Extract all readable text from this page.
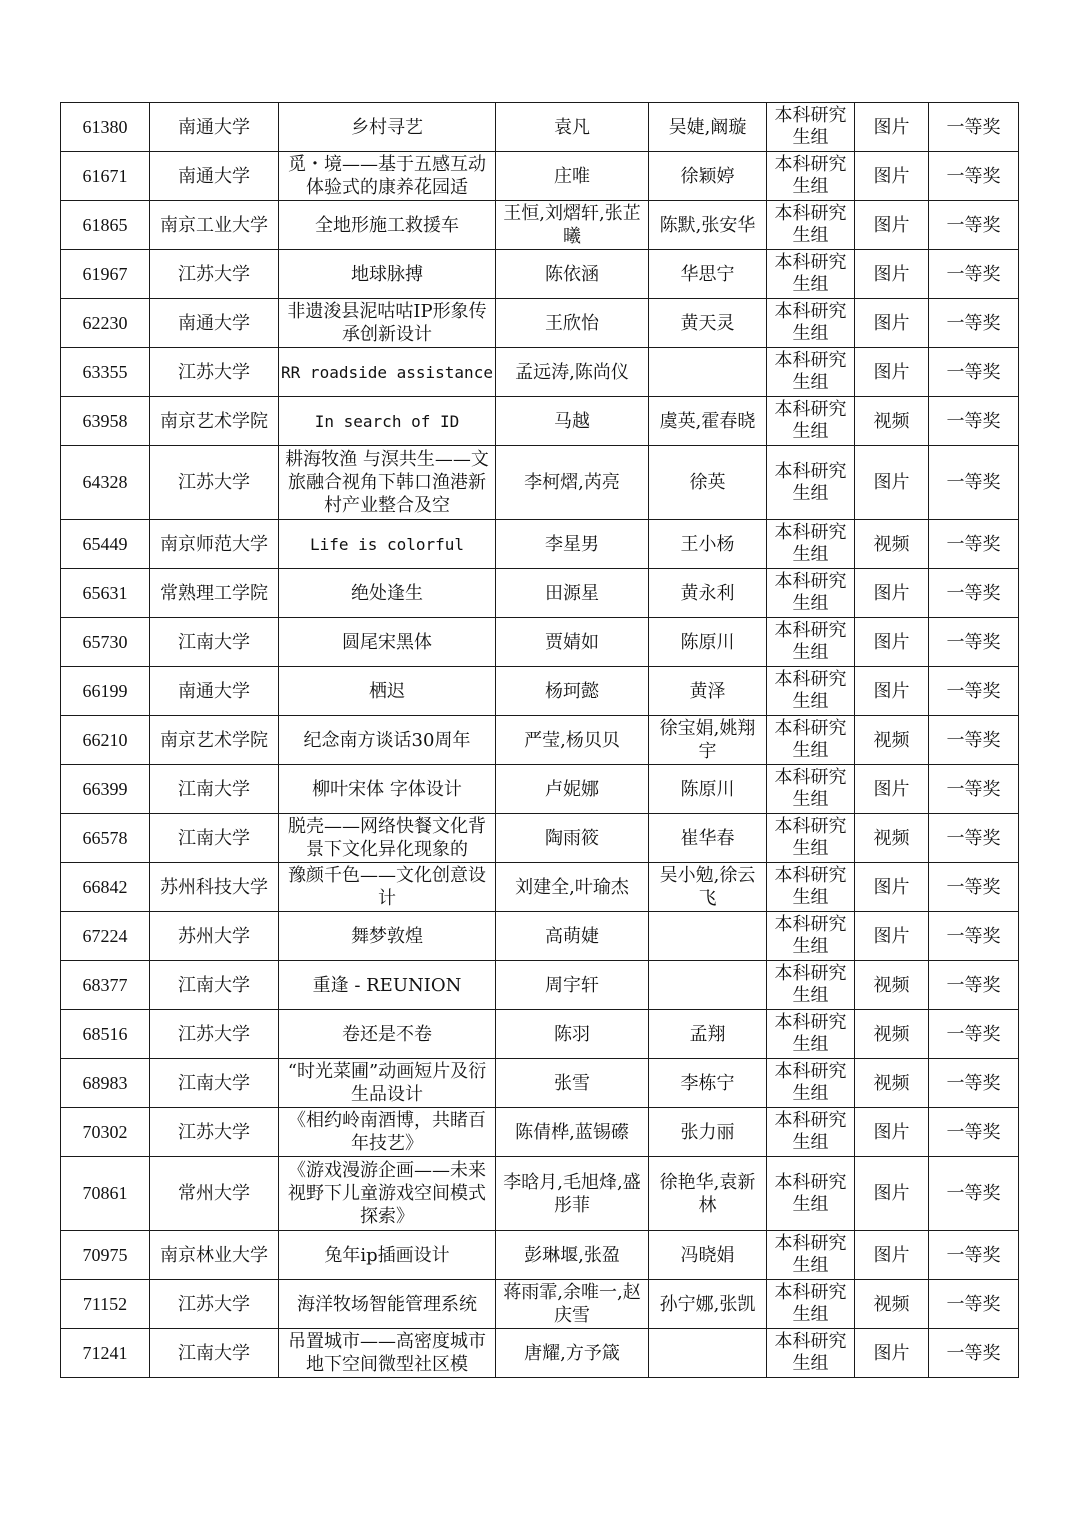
61380	南通大学	乡村寻艺	袁凡	吴婕,阚璇	本科研究生组	图片	一等奖
61671	南通大学	觅・境——基于五感互动体验式的康养花园适	庄唯	徐颖婷	本科研究生组	图片	一等奖
61865	南京工业大学	全地形施工救援车	王恒,刘熠轩,张芷曦	陈默,张安华	本科研究生组	图片	一等奖
61967	江苏大学	地球脉搏	陈依涵	华思宁	本科研究生组	图片	一等奖
62230	南通大学	非遗浚县泥咕咕IP形象传承创新设计	王欣怡	黄天灵	本科研究生组	图片	一等奖
63355	江苏大学	RR roadside assistance	孟远涛,陈尚仪		本科研究生组	图片	一等奖
63958	南京艺术学院	In search of ID	马越	虞英,霍春晓	本科研究生组	视频	一等奖
64328	江苏大学	耕海牧渔 与溟共生——文旅融合视角下韩口渔港新村产业整合及空	李柯熠,芮亮	徐英	本科研究生组	图片	一等奖
65449	南京师范大学	Life is colorful	李星男	王小杨	本科研究生组	视频	一等奖
65631	常熟理工学院	绝处逢生	田源星	黄永利	本科研究生组	图片	一等奖
65730	江南大学	圆尾宋黑体	贾婧如	陈原川	本科研究生组	图片	一等奖
66199	南通大学	栖迟	杨珂懿	黄泽	本科研究生组	图片	一等奖
66210	南京艺术学院	纪念南方谈话30周年	严莹,杨贝贝	徐宝娟,姚翔宇	本科研究生组	视频	一等奖
66399	江南大学	柳叶宋体 字体设计	卢妮娜	陈原川	本科研究生组	图片	一等奖
66578	江南大学	脱壳——网络快餐文化背景下文化异化现象的	陶雨筱	崔华春	本科研究生组	视频	一等奖
66842	苏州科技大学	豫颜千色——文化创意设计	刘建全,叶瑜杰	吴小勉,徐云飞	本科研究生组	图片	一等奖
67224	苏州大学	舞梦敦煌	高萌婕		本科研究生组	图片	一等奖
68377	江南大学	重逢 - REUNION	周宇轩		本科研究生组	视频	一等奖
68516	江苏大学	卷还是不卷	陈羽	孟翔	本科研究生组	视频	一等奖
68983	江南大学	“时光菜圃”动画短片及衍生品设计	张雪	李栋宁	本科研究生组	视频	一等奖
70302	江苏大学	《相约岭南酒博，共睹百年技艺》	陈倩桦,蓝锡礤	张力丽	本科研究生组	图片	一等奖
70861	常州大学	《游戏漫游企画——未来视野下儿童游戏空间模式探索》	李晗月,毛旭烽,盛彤菲	徐艳华,袁新林	本科研究生组	图片	一等奖
70975	南京林业大学	兔年ip插画设计	彭琳堰,张盈	冯晓娟	本科研究生组	图片	一等奖
71152	江苏大学	海洋牧场智能管理系统	蒋雨霏,余唯一,赵庆雪	孙宁娜,张凯	本科研究生组	视频	一等奖
71241	江南大学	吊置城市——高密度城市地下空间微型社区模	唐耀,方予箴		本科研究生组	图片	一等奖
